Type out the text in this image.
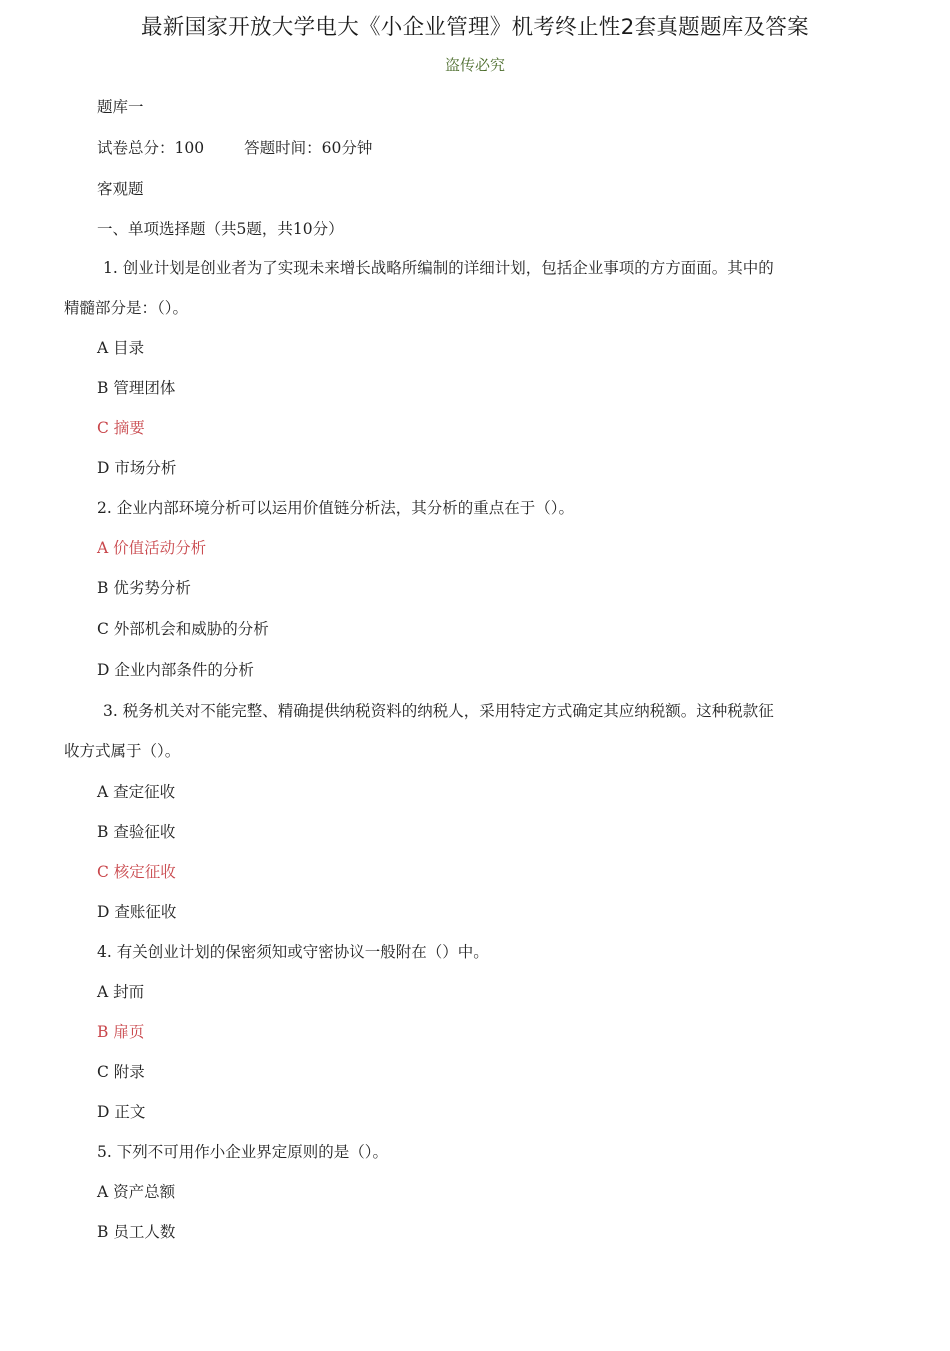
最新国家开放大学电大《小企业管理》机考终止性2套真题题库及答案
盗传必究
题库一
试卷总分：100	答题时间：60分钟
客观题
一、单项选择题（共5题，共10分）
1. 创业计划是创业者为了实现未来增长战略所编制的详细计划，包括企业事项的方方面面。其中的
精髓部分是：（）。
A 目录
B 管理团体
C 摘要
D 市场分析
2. 企业内部环境分析可以运用价值链分析法，其分析的重点在于（）。
A 价值活动分析
B 优劣势分析
C 外部机会和威胁的分析
D 企业内部条件的分析
3. 税务机关对不能完整、精确提供纳税资料的纳税人，采用特定方式确定其应纳税额。这种税款征
收方式属于（）。
A 查定征收
B 查验征收
C 核定征收
D 查账征收
4. 有关创业计划的保密须知或守密协议一般附在（）中。
A 封而
B 扉页
C 附录
D 正文
5. 下列不可用作小企业界定原则的是（）。
A 资产总额
B 员工人数
